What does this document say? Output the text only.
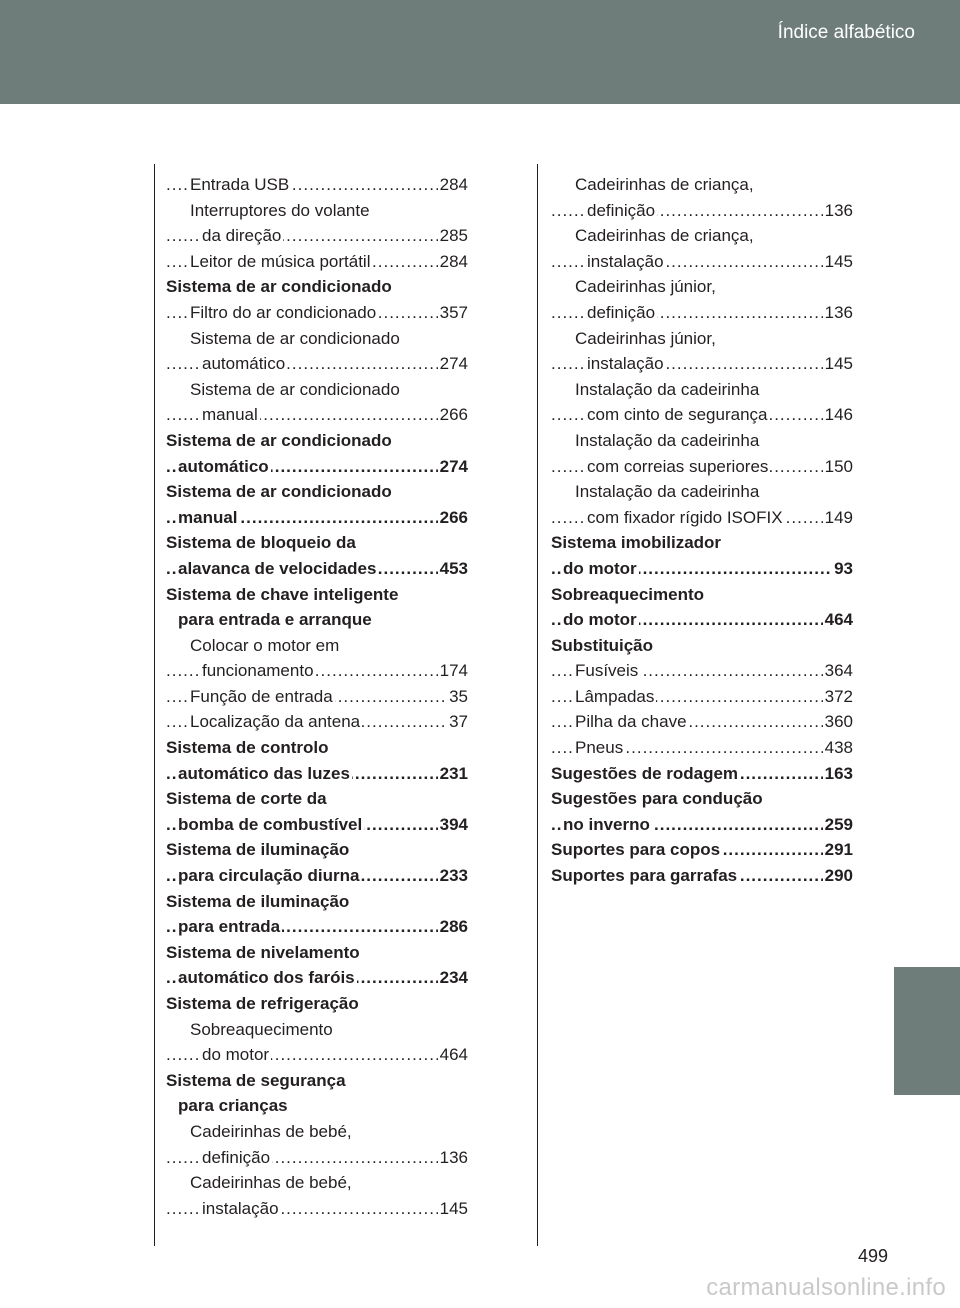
Índice alfabético
Entrada USB	284
.....
Interruptores do volante
da direção	285
.....
Leitor de música portátil	284
.....
Sistema de ar condicionado
Filtro do ar condicionado	357
.....
Sistema de ar condicionado
automático	274
.....
Sistema de ar condicionado
manual	266
.....
Sistema de ar condicionado
automático	274
.....
Sistema de ar condicionado
manual	266
.....
Sistema de bloqueio da
alavanca de velocidades	453
.....
Sistema de chave inteligente
para entrada e arranque
Colocar o motor em
funcionamento	174
.....
Função de entrada	35
.....
Localização da antena	37
.....
Sistema de controlo
automático das luzes	231
.....
Sistema de corte da
bomba de combustível	394
.....
Sistema de iluminação
para circulação diurna	233
.....
Sistema de iluminação
para entrada	286
.....
Sistema de nivelamento
automático dos faróis	234
.....
Sistema de refrigeração
Sobreaquecimento
do motor	464
.....
Sistema de segurança
para crianças
Cadeirinhas de bebé,
definição	136
.....
Cadeirinhas de bebé,
instalação	145
.....
Cadeirinhas de criança,
definição	136
.....
Cadeirinhas de criança,
instalação	145
.....
Cadeirinhas júnior,
definição	136
.....
Cadeirinhas júnior,
instalação	145
.....
Instalação da cadeirinha
com cinto de segurança	146
.....
Instalação da cadeirinha
com correias superiores	150
.....
Instalação da cadeirinha
com fixador rígido ISOFIX 149
.....
Sistema imobilizador
do motor	93
.....
Sobreaquecimento
do motor	464
.....
Substituição
Fusíveis	364
.....
Lâmpadas	372
.....
Pilha da chave	360
.....
Pneus	438
.....
Sugestões de rodagem	163
.....
Sugestões para condução
no inverno	259
.....
Suportes para copos	291
.....
Suportes para garrafas	290
.....
499
carmanualsonline.info
